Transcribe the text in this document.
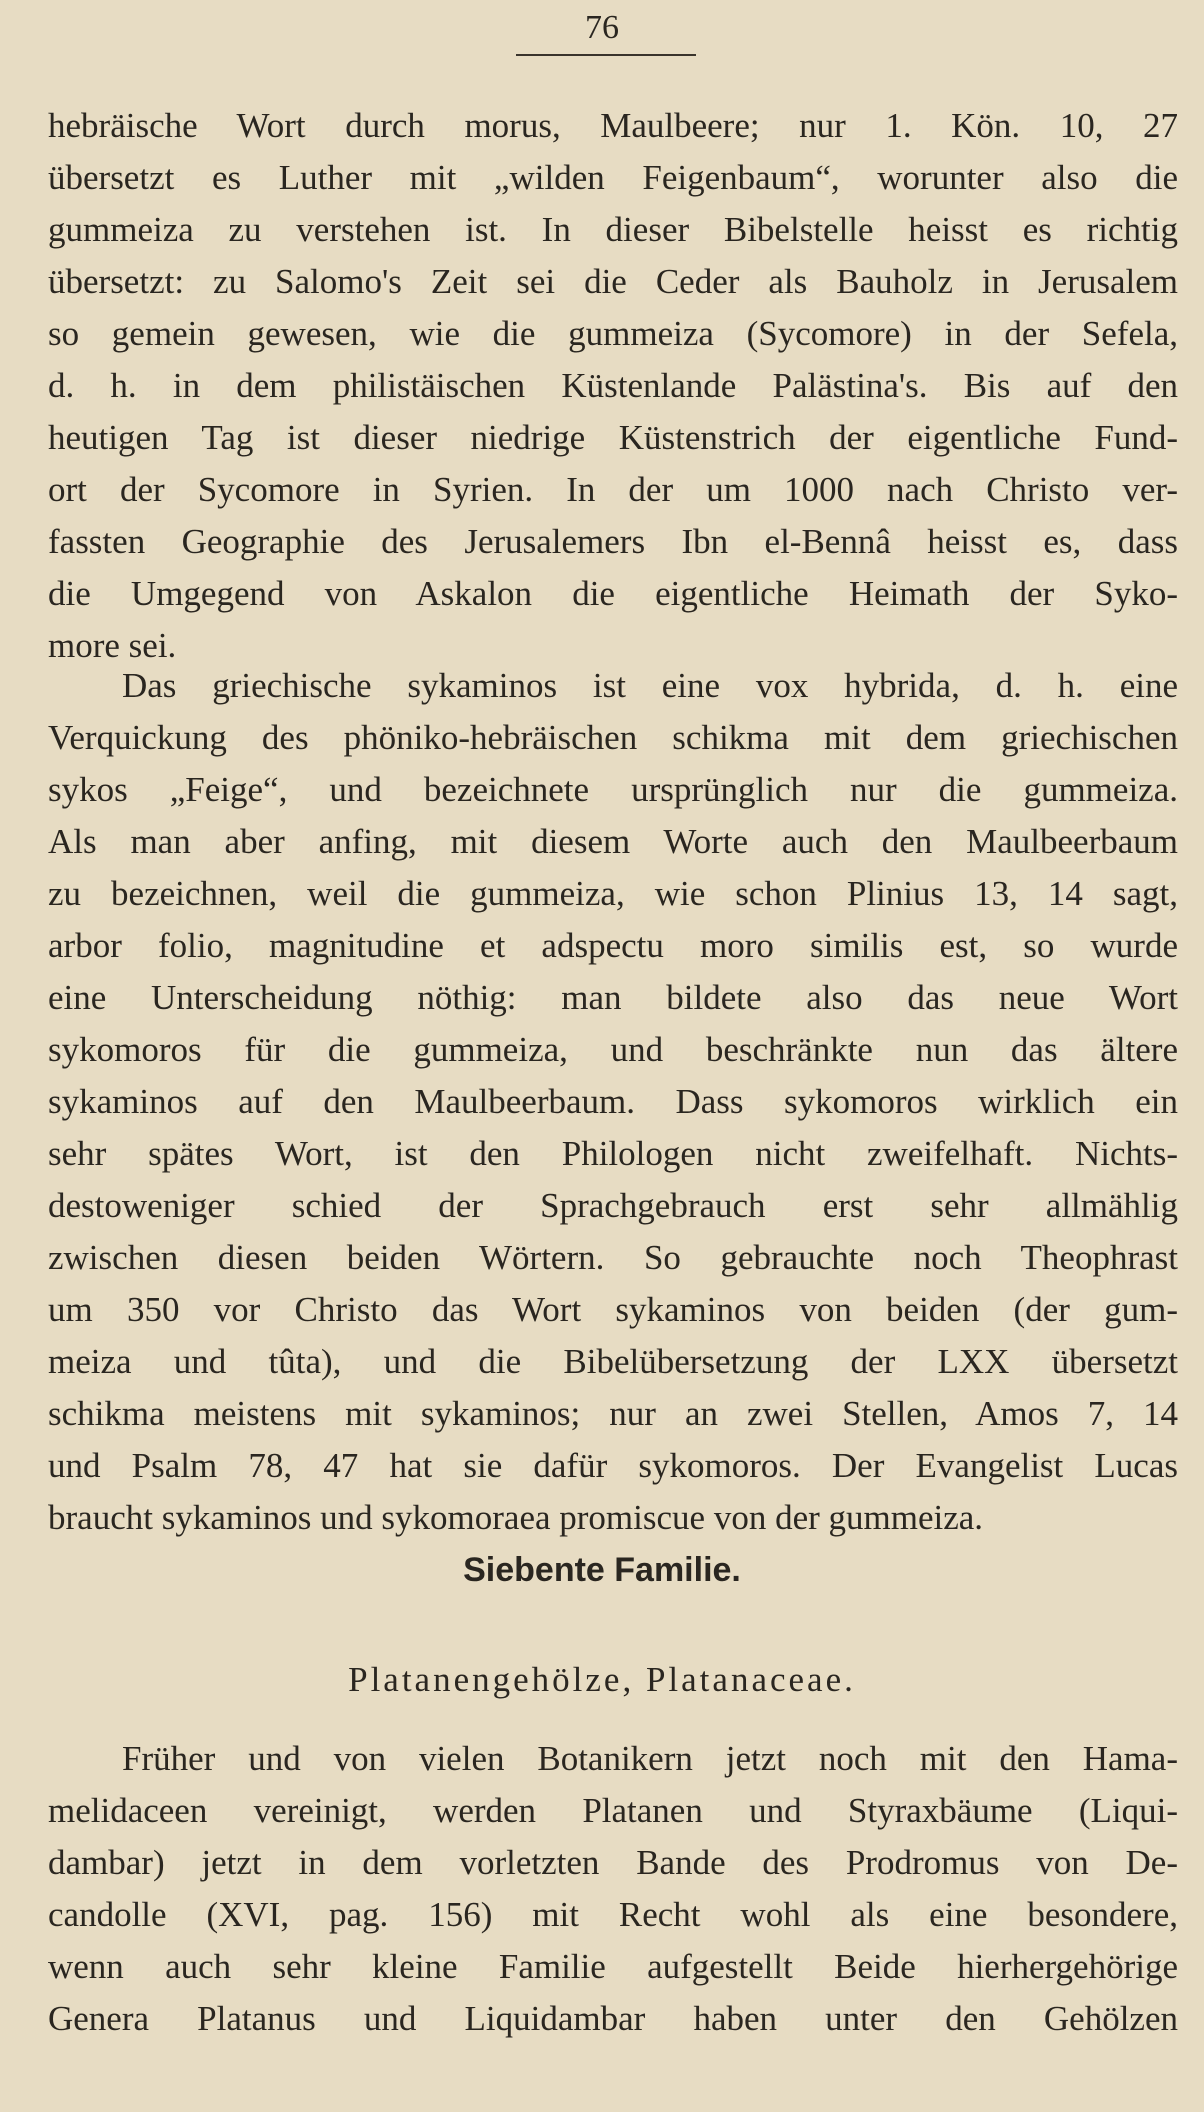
76
hebräische Wort durch morus, Maulbeere; nur 1. Kön. 10, 27
übersetzt es Luther mit „wilden Feigenbaum“, worunter also die
gummeiza zu verstehen ist. In dieser Bibelstelle heisst es richtig
übersetzt: zu Salomo's Zeit sei die Ceder als Bauholz in Jerusalem
so gemein gewesen, wie die gummeiza (Sycomore) in der Sefela,
d. h. in dem philistäischen Küstenlande Palästina's. Bis auf den
heutigen Tag ist dieser niedrige Küstenstrich der eigentliche Fund-
ort der Sycomore in Syrien. In der um 1000 nach Christo ver-
fassten Geographie des Jerusalemers Ibn el-Bennâ heisst es, dass
die Umgegend von Askalon die eigentliche Heimath der Syko-
more sei.
Das griechische sykaminos ist eine vox hybrida, d. h. eine
Verquickung des phöniko-hebräischen schikma mit dem griechischen
sykos „Feige“, und bezeichnete ursprünglich nur die gummeiza.
Als man aber anfing, mit diesem Worte auch den Maulbeerbaum
zu bezeichnen, weil die gummeiza, wie schon Plinius 13, 14 sagt,
arbor folio, magnitudine et adspectu moro similis est, so wurde
eine Unterscheidung nöthig: man bildete also das neue Wort
sykomoros für die gummeiza, und beschränkte nun das ältere
sykaminos auf den Maulbeerbaum. Dass sykomoros wirklich ein
sehr spätes Wort, ist den Philologen nicht zweifelhaft. Nichts-
destoweniger schied der Sprachgebrauch erst sehr allmählig
zwischen diesen beiden Wörtern. So gebrauchte noch Theophrast
um 350 vor Christo das Wort sykaminos von beiden (der gum-
meiza und tûta), und die Bibelübersetzung der LXX übersetzt
schikma meistens mit sykaminos; nur an zwei Stellen, Amos 7, 14
und Psalm 78, 47 hat sie dafür sykomoros. Der Evangelist Lucas
braucht sykaminos und sykomoraea promiscue von der gummeiza.
Siebente Familie.
Platanengehölze, Platanaceae.
Früher und von vielen Botanikern jetzt noch mit den Hama-
melidaceen vereinigt, werden Platanen und Styraxbäume (Liqui-
dambar) jetzt in dem vorletzten Bande des Prodromus von De-
candolle (XVI, pag. 156) mit Recht wohl als eine besondere,
wenn auch sehr kleine Familie aufgestellt Beide hierhergehörige
Genera Platanus und Liquidambar haben unter den Gehölzen
